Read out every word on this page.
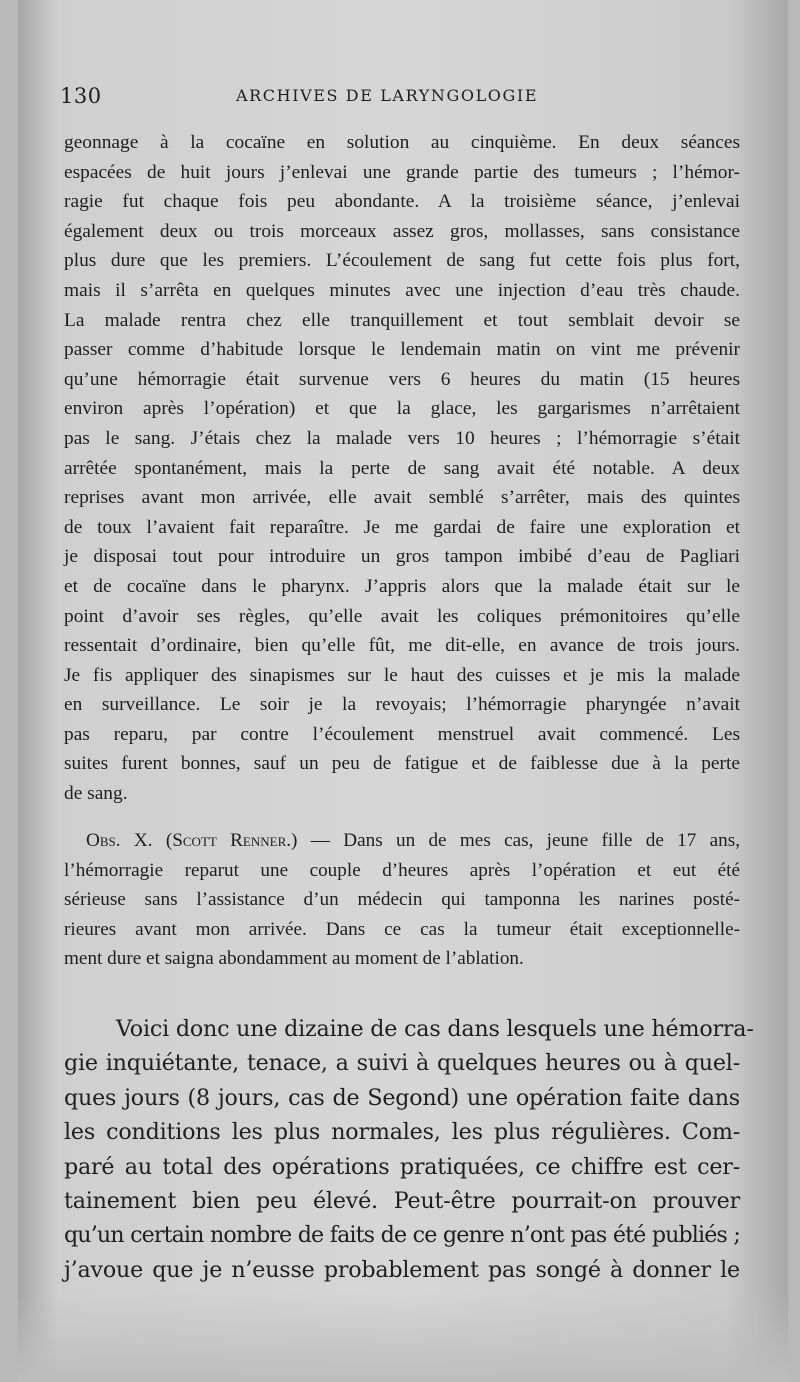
130	ARCHIVES DE LARYNGOLOGIE

geonnage à la cocaïne en solution au cinquième. En deux séances

espacées de huit jours j’enlevai une grande partie des tumeurs ; l’hémor-

ragie fut chaque fois peu abondante. A la troisième séance, j’enlevai

également deux ou trois morceaux assez gros, mollasses, sans consistance

plus dure que les premiers. L’écoulement de sang fut cette fois plus fort,

mais il s’arrêta en quelques minutes avec une injection d’eau très chaude.

La malade rentra chez elle tranquillement et tout semblait devoir se

passer comme d’habitude lorsque le lendemain matin on vint me prévenir

qu’une hémorragie était survenue vers 6 heures du matin (15 heures

environ après l’opération) et que la glace, les gargarismes n’arrêtaient

pas le sang. J’étais chez la malade vers 10 heures ; l’hémorragie s’était

arrêtée spontanément, mais la perte de sang avait été notable. A deux

reprises avant mon arrivée, elle avait semblé s’arrêter, mais des quintes

de toux l’avaient fait reparaître. Je me gardai de faire une exploration et

je disposai tout pour introduire un gros tampon imbibé d’eau de Pagliari

et de cocaïne dans le pharynx. J’appris alors que la malade était sur le

point d’avoir ses règles, qu’elle avait les coliques prémonitoires qu’elle

ressentait d’ordinaire, bien qu’elle fût, me dit-elle, en avance de trois jours.

Je fis appliquer des sinapismes sur le haut des cuisses et je mis la malade

en surveillance. Le soir je la revoyais; l’hémorragie pharyngée n’avait

pas reparu, par contre l’écoulement menstruel avait commencé. Les

suites furent bonnes, sauf un peu de fatigue et de faiblesse due à la perte

de sang.

Obs. X. (Scott Renner.) — Dans un de mes cas, jeune fille de 17 ans,
l’hémorragie reparut une couple d’heures après l’opération et eut été
sérieuse sans l’assistance d’un médecin qui tamponna les narines posté-
rieures avant mon arrivée. Dans ce cas la tumeur était exceptionnelle-
ment dure et saigna abondamment au moment de l’ablation.
Voici donc une dizaine de cas dans lesquels une hémorra-
gie inquiétante, tenace, a suivi à quelques heures ou à quel-
ques jours (8 jours, cas de Segond) une opération faite dans
les conditions les plus normales, les plus régulières. Com-
paré au total des opérations pratiquées, ce chiffre est cer-
tainement bien peu élevé. Peut-être pourrait-on prouver
qu’un certain nombre de faits de ce genre n’ont pas été publiés ;
j’avoue que je n’eusse probablement pas songé à donner le
